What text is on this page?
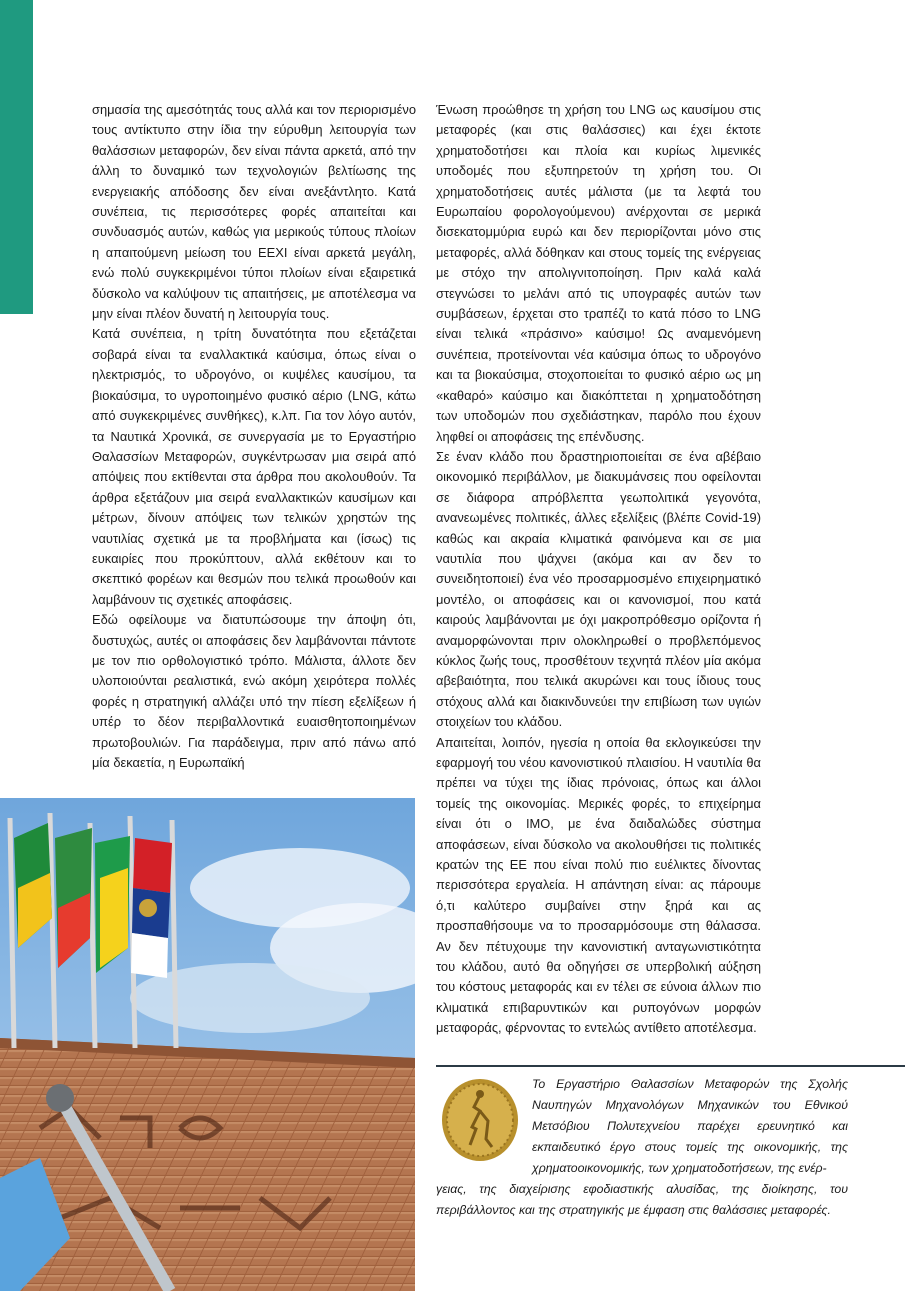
σημασία της αμεσότητάς τους αλλά και τον περιορισμένο τους αντίκτυπο στην ίδια την εύρυθμη λειτουργία των θαλάσσιων μεταφορών, δεν είναι πάντα αρκετά, από την άλλη το δυναμικό των τεχνολογιών βελτίωσης της ενεργειακής απόδοσης δεν είναι ανεξάντλητο. Κατά συνέπεια, τις περισσότερες φορές απαιτείται και συνδυασμός αυτών, καθώς για μερικούς τύπους πλοίων η απαιτούμενη μείωση του EEXI είναι αρκετά μεγάλη, ενώ πολύ συγκεκριμένοι τύποι πλοίων είναι εξαιρετικά δύσκολο να καλύψουν τις απαιτήσεις, με αποτέλεσμα να μην είναι πλέον δυνατή η λειτουργία τους.

Κατά συνέπεια, η τρίτη δυνατότητα που εξετάζεται σοβαρά είναι τα εναλλακτικά καύσιμα, όπως είναι ο ηλεκτρισμός, το υδρογόνο, οι κυψέλες καυσίμου, τα βιοκαύσιμα, το υγροποιημένο φυσικό αέριο (LNG, κάτω από συγκεκριμένες συνθήκες), κ.λπ. Για τον λόγο αυτόν, τα Ναυτικά Χρονικά, σε συνεργασία με το Εργαστήριο Θαλασσίων Μεταφορών, συγκέντρωσαν μια σειρά από απόψεις που εκτίθενται στα άρθρα που ακολουθούν. Τα άρθρα εξετάζουν μια σειρά εναλλακτικών καυσίμων και μέτρων, δίνουν απόψεις των τελικών χρηστών της ναυτιλίας σχετικά με τα προβλήματα και (ίσως) τις ευκαιρίες που προκύπτουν, αλλά εκθέτουν και το σκεπτικό φορέων και θεσμών που τελικά προωθούν και λαμβάνουν τις σχετικές αποφάσεις.

Εδώ οφείλουμε να διατυπώσουμε την άποψη ότι, δυστυχώς, αυτές οι αποφάσεις δεν λαμβάνονται πάντοτε με τον πιο ορθολογιστικό τρόπο. Μάλιστα, άλλοτε δεν υλοποιούνται ρεαλιστικά, ενώ ακόμη χειρότερα πολλές φορές η στρατηγική αλλάζει υπό την πίεση εξελίξεων ή υπέρ το δέον περιβαλλοντικά ευαισθητοποιημένων πρωτοβουλιών. Για παράδειγμα, πριν από πάνω από μία δεκαετία, η Ευρωπαϊκή

Ένωση προώθησε τη χρήση του LNG ως καυσίμου στις μεταφορές (και στις θαλάσσιες) και έχει έκτοτε χρηματοδοτήσει και πλοία και κυρίως λιμενικές υποδομές που εξυπηρετούν τη χρήση του. Οι χρηματοδοτήσεις αυτές μάλιστα (με τα λεφτά του Ευρωπαίου φορολογούμενου) ανέρχονται σε μερικά δισεκατομμύρια ευρώ και δεν περιορίζονται μόνο στις μεταφορές, αλλά δόθηκαν και στους τομείς της ενέργειας με στόχο την απολιγνιτοποίηση. Πριν καλά καλά στεγνώσει το μελάνι από τις υπογραφές αυτών των συμβάσεων, έρχεται στο τραπέζι το κατά πόσο το LNG είναι τελικά «πράσινο» καύσιμο! Ως αναμενόμενη συνέπεια, προτείνονται νέα καύσιμα όπως το υδρογόνο και τα βιοκαύσιμα, στοχοποιείται το φυσικό αέριο ως μη «καθαρό» καύσιμο και διακόπτεται η χρηματοδότηση των υποδομών που σχεδιάστηκαν, παρόλο που έχουν ληφθεί οι αποφάσεις της επένδυσης.

Σε έναν κλάδο που δραστηριοποιείται σε ένα αβέβαιο οικονομικό περιβάλλον, με διακυμάνσεις που οφείλονται σε διάφορα απρόβλεπτα γεωπολιτικά γεγονότα, ανανεωμένες πολιτικές, άλλες εξελίξεις (βλέπε Covid-19) καθώς και ακραία κλιματικά φαινόμενα και σε μια ναυτιλία που ψάχνει (ακόμα και αν δεν το συνειδητοποιεί) ένα νέο προσαρμοσμένο επιχειρηματικό μοντέλο, οι αποφάσεις και οι κανονισμοί, που κατά καιρούς λαμβάνονται με όχι μακροπρόθεσμο ορίζοντα ή αναμορφώνονται πριν ολοκληρωθεί ο προβλεπόμενος κύκλος ζωής τους, προσθέτουν τεχνητά πλέον μία ακόμα αβεβαιότητα, που τελικά ακυρώνει και τους ίδιους τους στόχους αλλά και διακινδυνεύει την επιβίωση των υγιών στοιχείων του κλάδου.

Απαιτείται, λοιπόν, ηγεσία η οποία θα εκλογικεύσει την εφαρμογή του νέου κανονιστικού πλαισίου. Η ναυτιλία θα πρέπει να τύχει της ίδιας πρόνοιας, όπως και άλλοι τομείς της οικονομίας. Μερικές φορές, το επιχείρημα είναι ότι ο IMO, με ένα δαιδαλώδες σύστημα αποφάσεων, είναι δύσκολο να ακολουθήσει τις πολιτικές κρατών της ΕΕ που είναι πολύ πιο ευέλικτες δίνοντας περισσότερα εργαλεία. Η απάντηση είναι: ας πάρουμε ό,τι καλύτερο συμβαίνει στην ξηρά και ας προσπαθήσουμε να το προσαρμόσουμε στη θάλασσα. Αν δεν πέτυχουμε την κανονιστική ανταγωνιστικότητα του κλάδου, αυτό θα οδηγήσει σε υπερβολική αύξηση του κόστους μεταφοράς και εν τέλει σε εύνοια άλλων πιο κλιματικά επιβαρυντικών και ρυπογόνων μορφών μεταφοράς, φέρνοντας το εντελώς αντίθετο αποτέλεσμα.

Το Εργαστήριο Θαλασσίων Μεταφορών της Σχολής Ναυπηγών Μηχανολόγων Μηχανικών του Εθνικού Μετσόβιου Πολυτεχνείου παρέχει ερευνητικό και εκπαιδευτικό έργο στους τομείς της οικονομικής, της χρηματοοικονομικής, των χρηματοδοτήσεων, της ενέρ-
γειας, της διαχείρισης εφοδιαστικής αλυσίδας, της διοίκησης, του περιβάλλοντος και της στρατηγικής με έμφαση στις θαλάσσιες μεταφορές.
